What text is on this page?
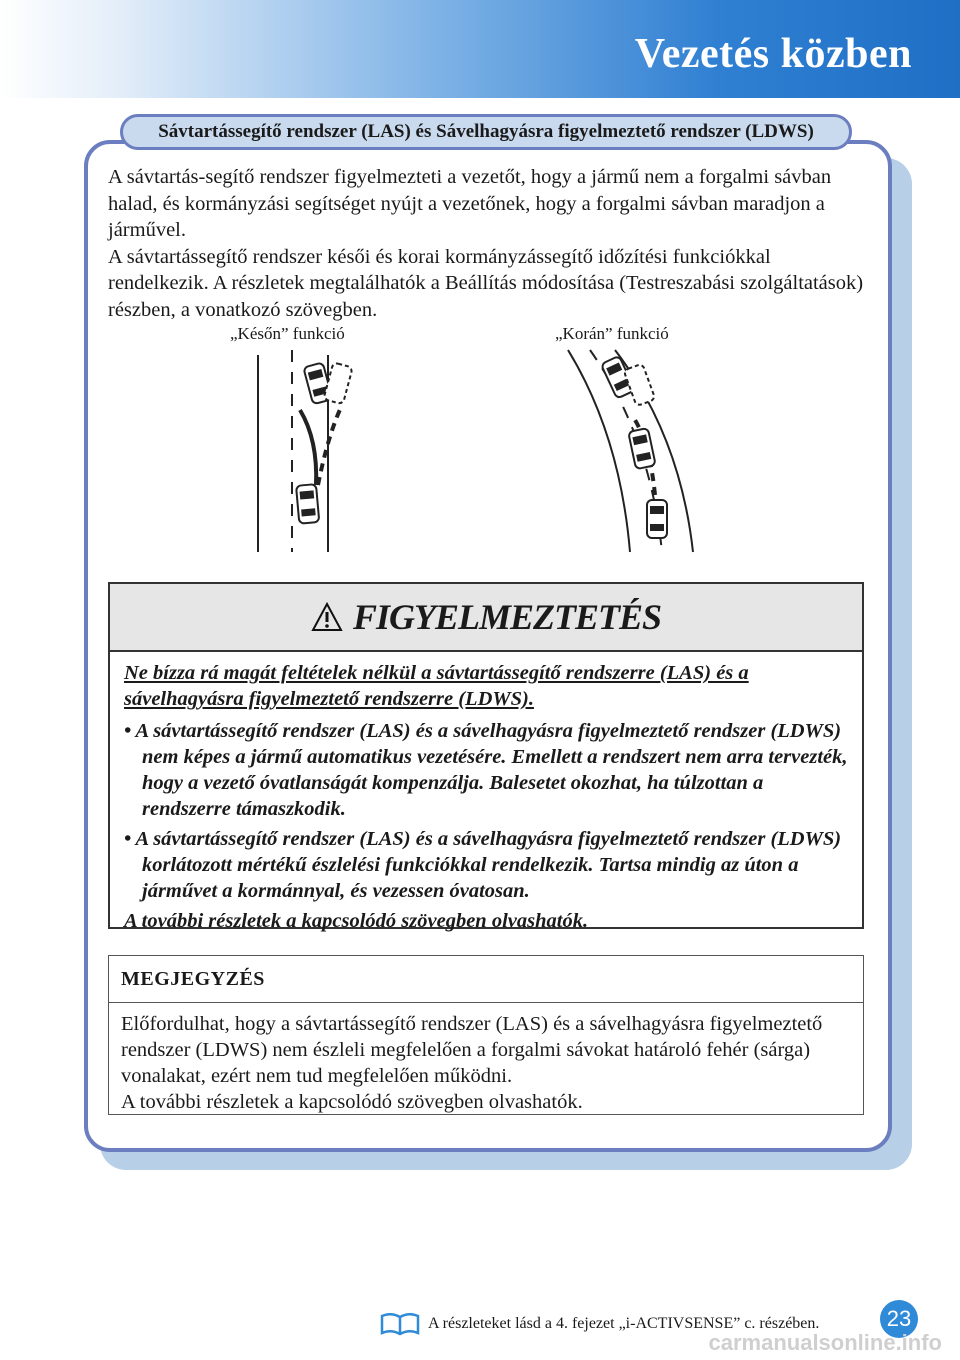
Vezetés közben
Sávtartássegítő rendszer (LAS) és Sávelhagyásra figyelmeztető rendszer (LDWS)

A sávtartás-segítő rendszer figyelmezteti a vezetőt, hogy a jármű nem a forgalmi sávban halad, és kormányzási segítséget nyújt a vezetőnek, hogy a forgalmi sávban maradjon a járművel.

A sávtartássegítő rendszer késői és korai kormányzássegítő időzítési funkciókkal rendelkezik. A részletek megtalálhatók a Beállítás módosítása (Testreszabási szolgáltatások) részben, a vonatkozó szövegben.

„Későn” funkció	„Korán” funkció
FIGYELMEZTETÉS

Ne bízza rá magát feltételek nélkül a sávtartássegítő rendszerre (LAS) és a sávelhagyásra figyelmeztető rendszerre (LDWS).

• A sávtartássegítő rendszer (LAS) és a sávelhagyásra figyelmeztető rendszer (LDWS) nem képes a jármű automatikus vezetésére. Emellett a rendszert nem arra tervezték, hogy a vezető óvatlanságát kompenzálja. Balesetet okozhat, ha túlzottan a rendszerre támaszkodik.

• A sávtartássegítő rendszer (LAS) és a sávelhagyásra figyelmeztető rendszer (LDWS) korlátozott mértékű észlelési funkciókkal rendelkezik. Tartsa mindig az úton a járművet a kormánnyal, és vezessen óvatosan.

A további részletek a kapcsolódó szövegben olvashatók.

MEGJEGYZÉS

Előfordulhat, hogy a sávtartássegítő rendszer (LAS) és a sávelhagyásra figyelmeztető rendszer (LDWS) nem észleli megfelelően a forgalmi sávokat határoló fehér (sárga) vonalakat, ezért nem tud megfelelően működni.

A további részletek a kapcsolódó szövegben olvashatók.

A részleteket lásd a 4. fejezet „i-ACTIVSENSE” c. részében.	23
carmanualsonline.info
